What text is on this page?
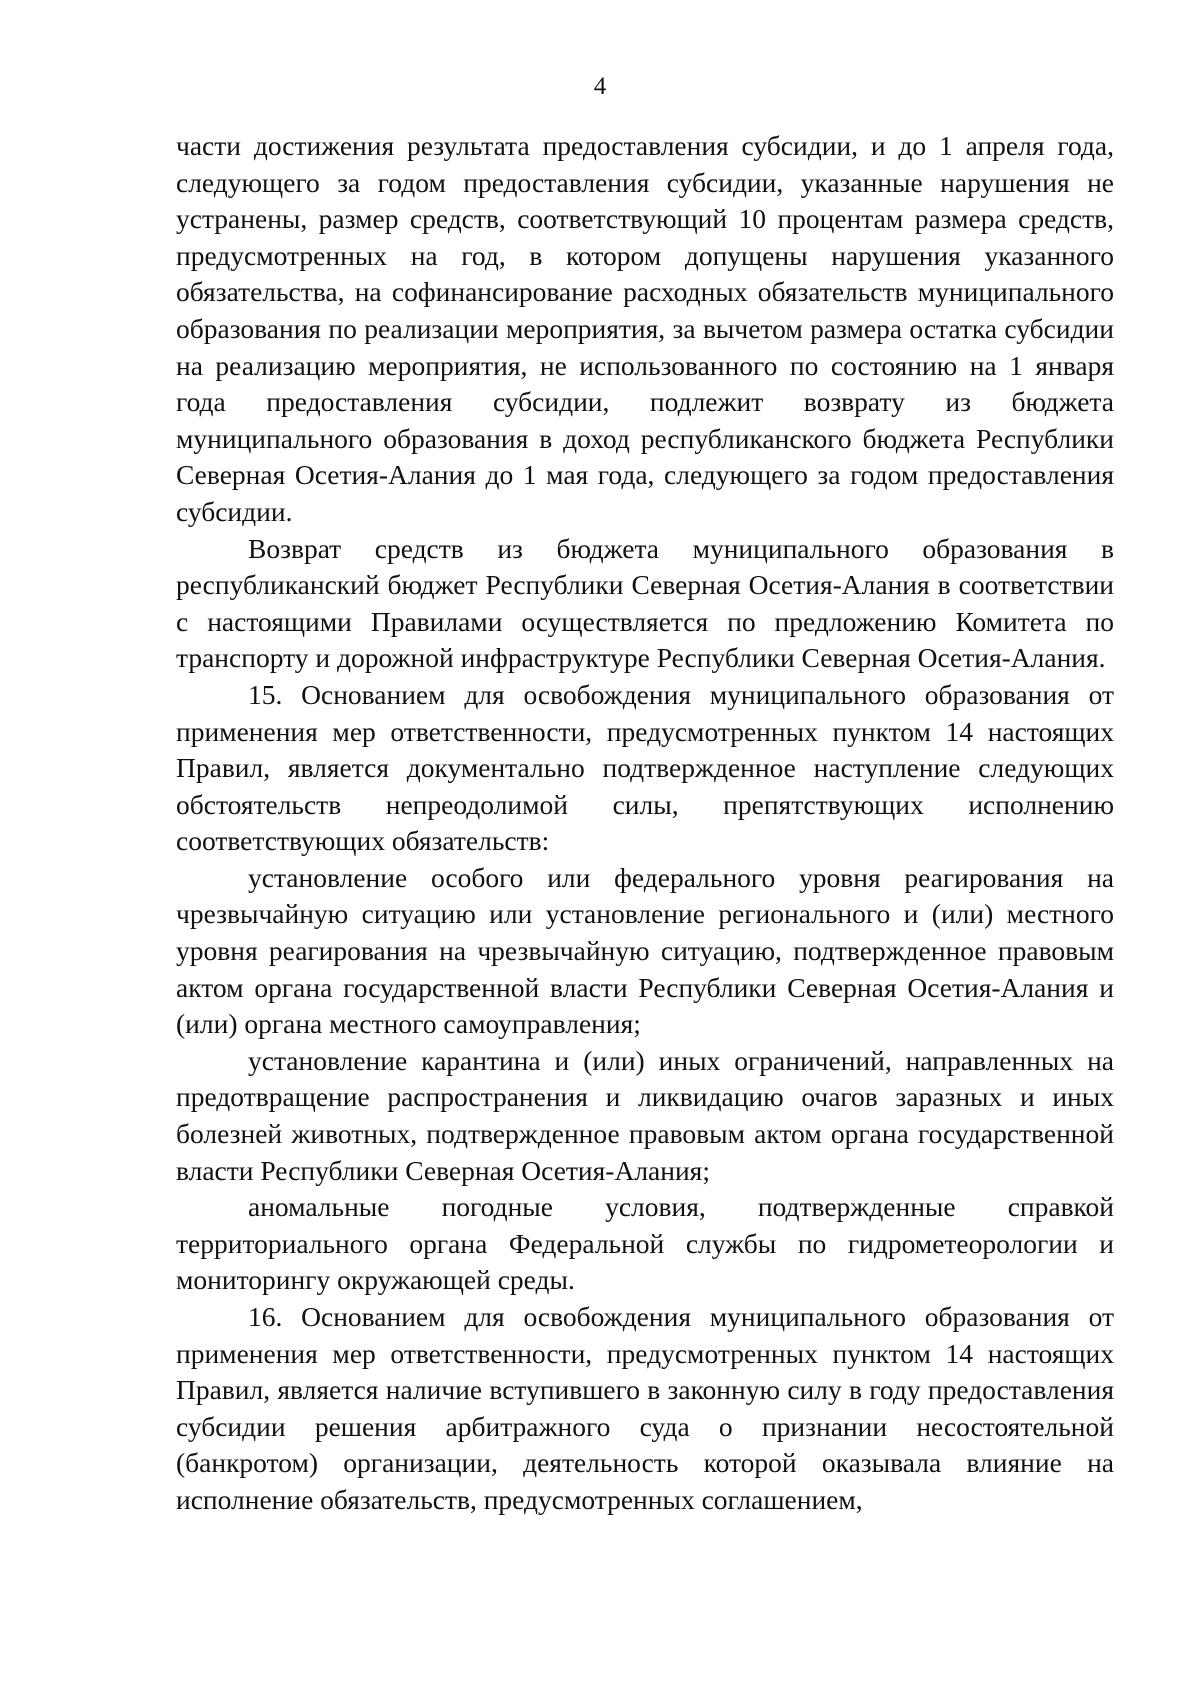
4

части достижения результата предоставления субсидии, и до 1 апреля года, следующего за годом предоставления субсидии, указанные нарушения не устранены, размер средств, соответствующий 10 процентам размера средств, предусмотренных на год, в котором допущены нарушения указанного обязательства, на софинансирование расходных обязательств муниципального образования по реализации мероприятия, за вычетом размера остатка субсидии на реализацию мероприятия, не использованного по состоянию на 1 января года предоставления субсидии, подлежит возврату из бюджета муниципального образования в доход республиканского бюджета Республики Северная Осетия-Алания до 1 мая года, следующего за годом предоставления субсидии.

Возврат средств из бюджета муниципального образования в республиканский бюджет Республики Северная Осетия-Алания в соответствии с настоящими Правилами осуществляется по предложению Комитета по транспорту и дорожной инфраструктуре Республики Северная Осетия-Алания.

15. Основанием для освобождения муниципального образования от применения мер ответственности, предусмотренных пунктом 14 настоящих Правил, является документально подтвержденное наступление следующих обстоятельств непреодолимой силы, препятствующих исполнению соответствующих обязательств:

установление особого или федерального уровня реагирования на чрезвычайную ситуацию или установление регионального и (или) местного уровня реагирования на чрезвычайную ситуацию, подтвержденное правовым актом органа государственной власти Республики Северная Осетия-Алания и (или) органа местного самоуправления;

установление карантина и (или) иных ограничений, направленных на предотвращение распространения и ликвидацию очагов заразных и иных болезней животных, подтвержденное правовым актом органа государственной власти Республики Северная Осетия-Алания;

аномальные погодные условия, подтвержденные справкой территориального органа Федеральной службы по гидрометеорологии и мониторингу окружающей среды.

16. Основанием для освобождения муниципального образования от применения мер ответственности, предусмотренных пунктом 14 настоящих Правил, является наличие вступившего в законную силу в году предоставления субсидии решения арбитражного суда о признании несостоятельной (банкротом) организации, деятельность которой оказывала влияние на исполнение обязательств, предусмотренных соглашением,
